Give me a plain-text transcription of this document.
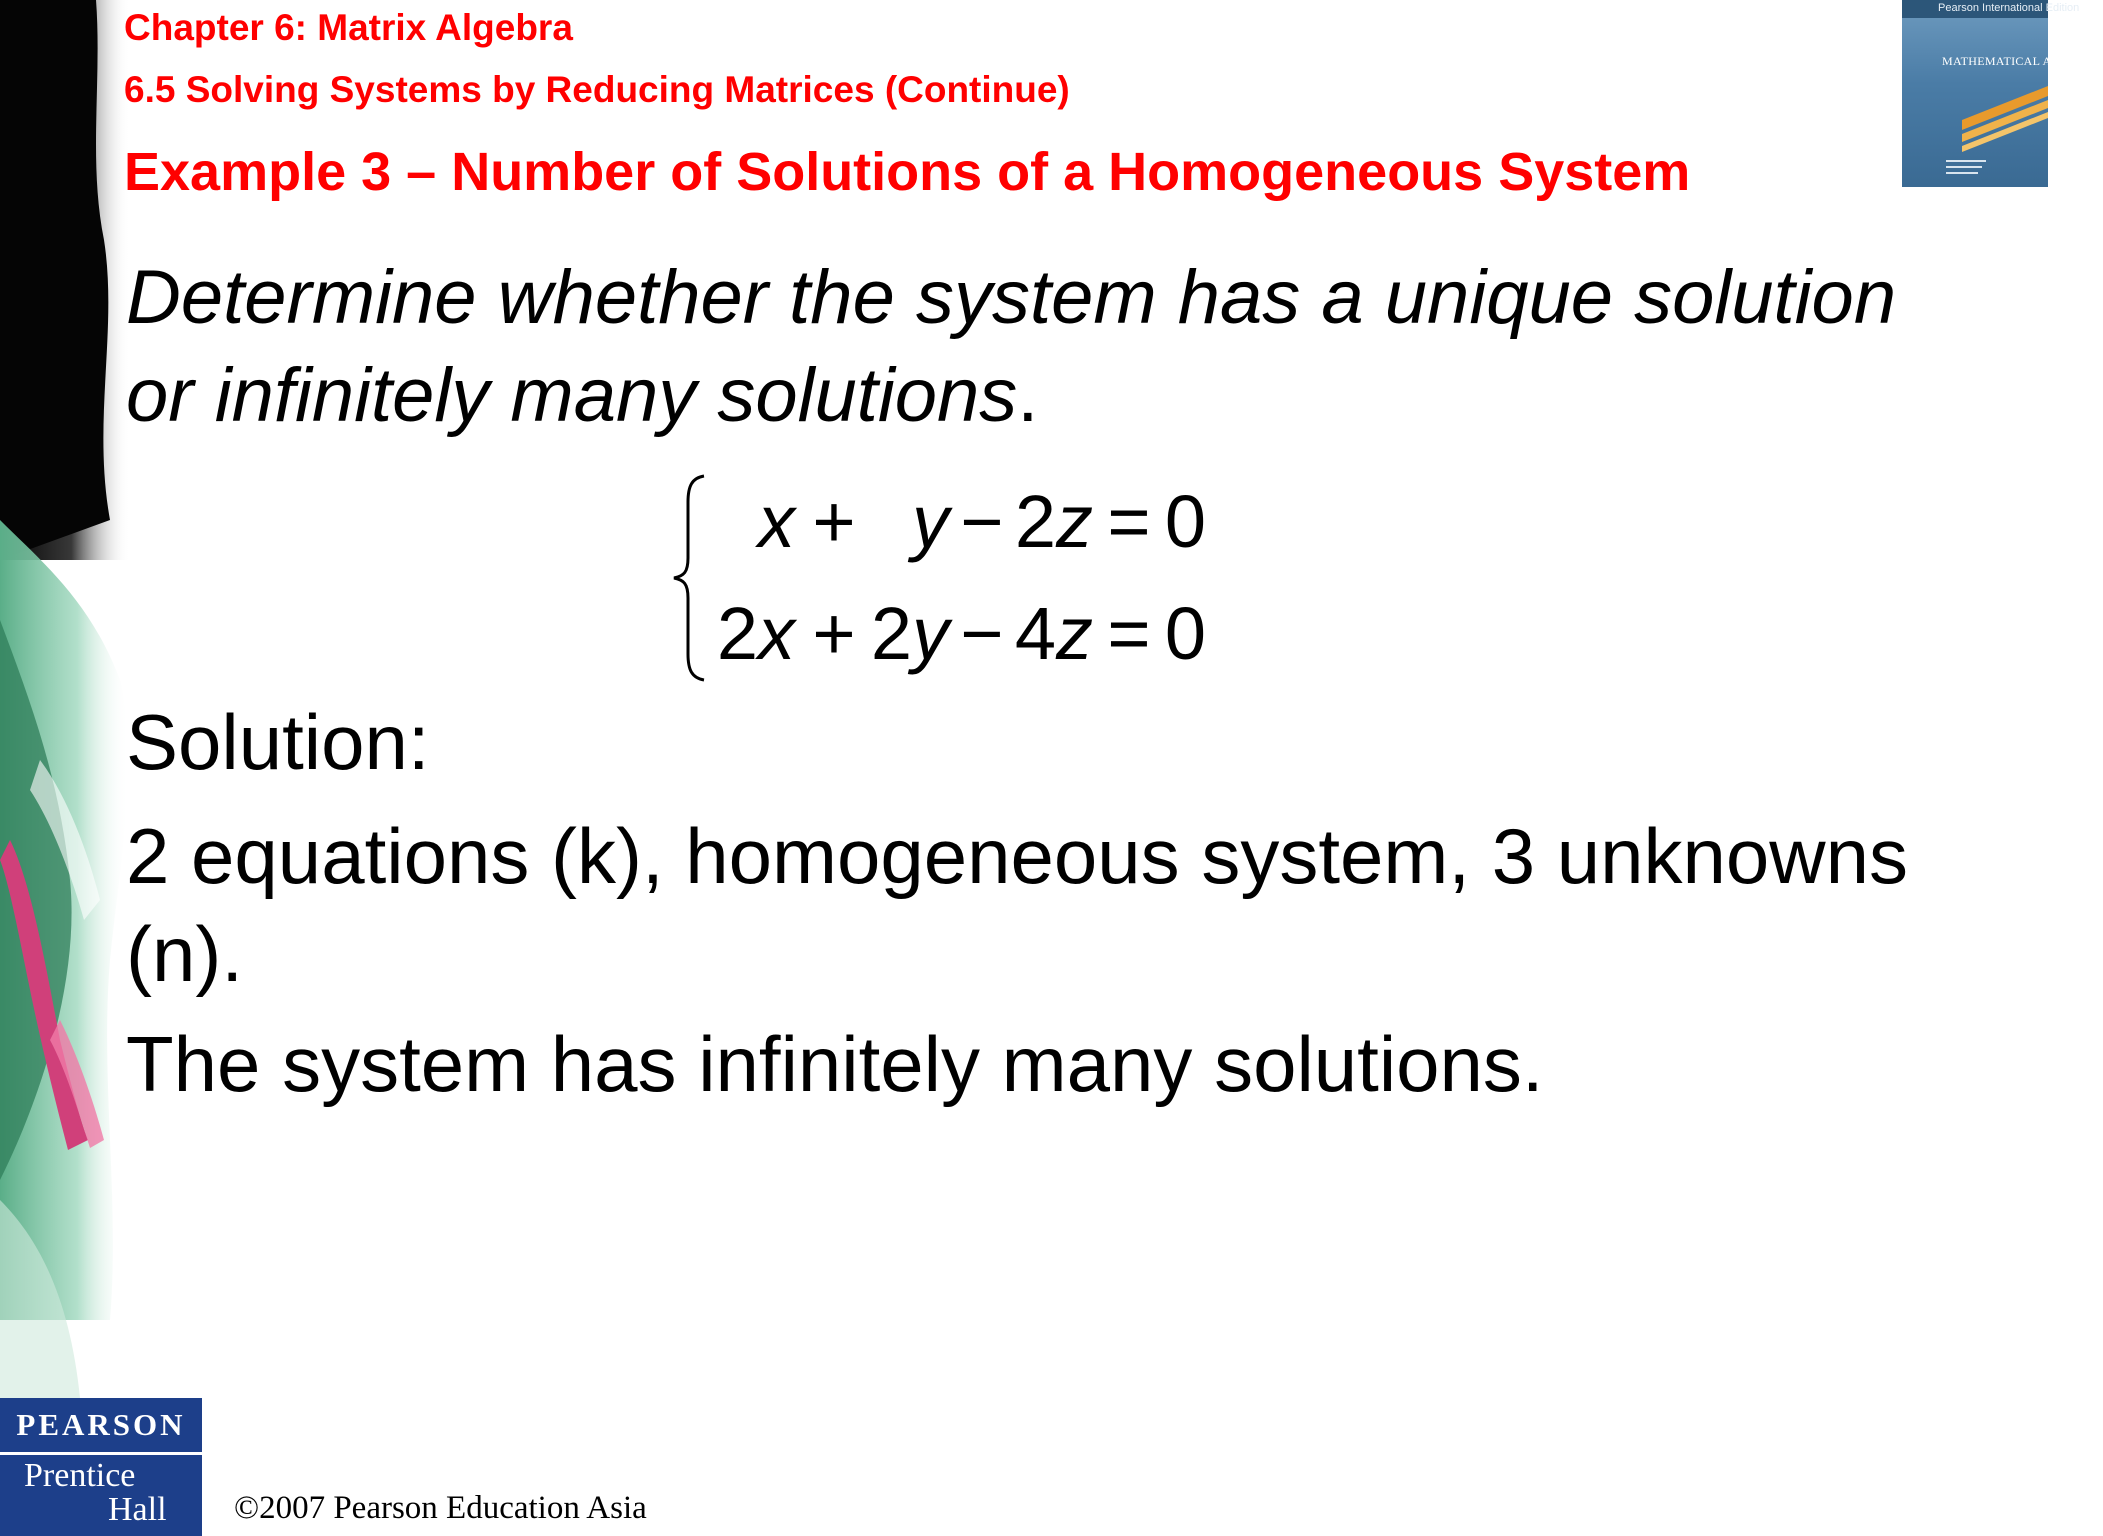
Chapter 6: Matrix Algebra
6.5 Solving Systems by Reducing Matrices (Continue)
Example 3 – Number of Solutions of a Homogeneous System
Pearson International Edition
MATHEMATICAL ANALYSIS
Determine whether the system has a unique solution
or infinitely many solutions.
x + y − 2z = 0
2x + 2y − 4z = 0
Solution:
2 equations (k), homogeneous system, 3 unknowns
(n).
The system has infinitely many solutions.
PEARSON
Prentice
Hall ©2007 Pearson Education Asia
